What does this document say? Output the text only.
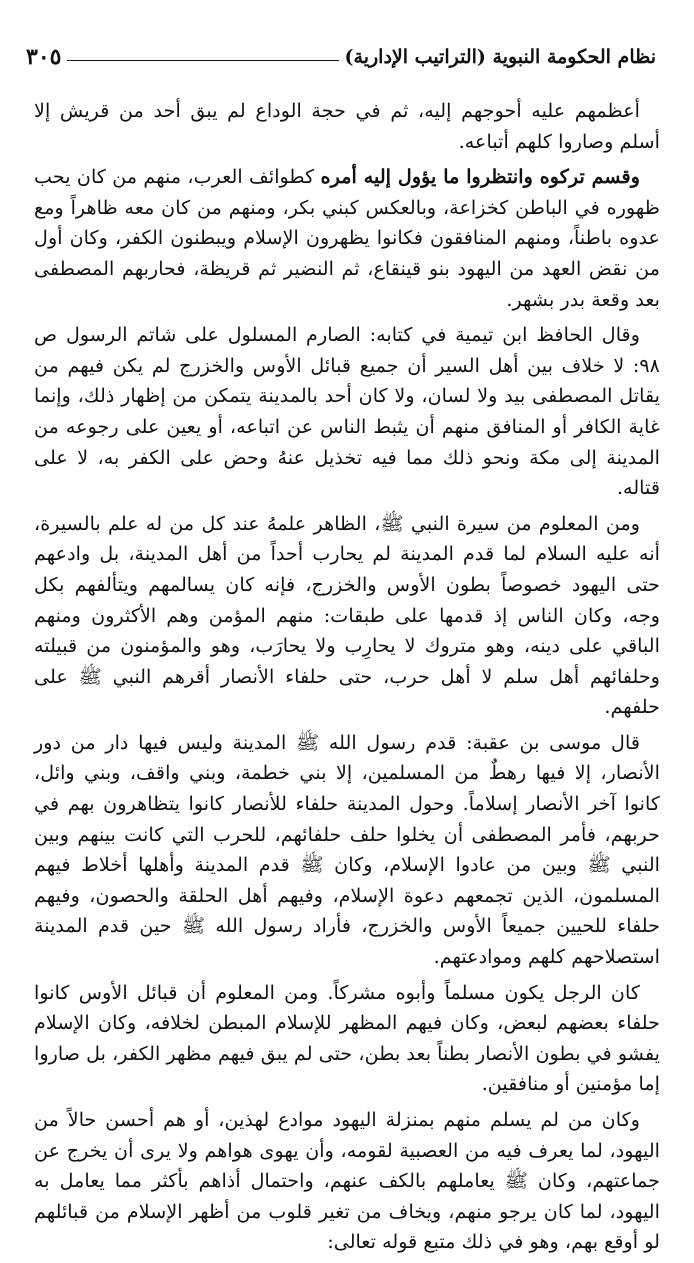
نظام الحكومة النبوية (التراتيب الإدارية)
٣٠٥

أعظمهم عليه أحوجهم إليه، ثم في حجة الوداع لم يبق أحد من قريش إلا أسلم وصاروا كلهم أتباعه.

وقسم تركوه وانتظروا ما يؤول إليه أمره كطوائف العرب، منهم من كان يحب ظهوره في الباطن كخزاعة، وبالعكس كبني بكر، ومنهم من كان معه ظاهراً ومع عدوه باطناً، ومنهم المنافقون فكانوا يظهرون الإسلام ويبطنون الكفر، وكان أول من نقض العهد من اليهود بنو قينقاع، ثم النضير ثم قريظة، فحاربهم المصطفى بعد وقعة بدر بشهر.

وقال الحافظ ابن تيمية في كتابه: الصارم المسلول على شاتم الرسول ص ٩٨: لا خلاف بين أهل السير أن جميع قبائل الأوس والخزرج لم يكن فيهم من يقاتل المصطفى بيد ولا لسان، ولا كان أحد بالمدينة يتمكن من إظهار ذلك، وإنما غاية الكافر أو المنافق منهم أن يثبط الناس عن اتباعه، أو يعين على رجوعه من المدينة إلى مكة ونحو ذلك مما فيه تخذيل عنهُ وحض على الكفر به، لا على قتاله.

ومن المعلوم من سيرة النبي ﷺ، الظاهر علمهُ عند كل من له علم بالسيرة، أنه عليه السلام لما قدم المدينة لم يحارب أحداً من أهل المدينة، بل وادعهم حتى اليهود خصوصاً بطون الأوس والخزرج، فإنه كان يسالمهم ويتألفهم بكل وجه، وكان الناس إذ قدمها على طبقات: منهم المؤمن وهم الأكثرون ومنهم الباقي على دينه، وهو متروك لا يحارِب ولا يحارَب، وهو والمؤمنون من قبيلته وحلفائهم أهل سلم لا أهل حرب، حتى حلفاء الأنصار أقرهم النبي ﷺ على حلفهم.

قال موسى بن عقبة: قدم رسول الله ﷺ المدينة وليس فيها دار من دور الأنصار، إلا فيها رهطٌ من المسلمين، إلا بني خطمة، وبني واقف، وبني وائل، كانوا آخر الأنصار إسلاماً. وحول المدينة حلفاء للأنصار كانوا يتظاهرون بهم في حربهم، فأمر المصطفى أن يخلوا حلف حلفائهم، للحرب التي كانت بينهم وبين النبي ﷺ وبين من عادوا الإسلام، وكان ﷺ قدم المدينة وأهلها أخلاط فيهم المسلمون، الذين تجمعهم دعوة الإسلام، وفيهم أهل الحلقة والحصون، وفيهم حلفاء للحيين جميعاً الأوس والخزرج، فأراد رسول الله ﷺ حين قدم المدينة استصلاحهم كلهم وموادعتهم.

كان الرجل يكون مسلماً وأبوه مشركاً. ومن المعلوم أن قبائل الأوس كانوا حلفاء بعضهم لبعض، وكان فيهم المظهر للإسلام المبطن لخلافه، وكان الإسلام يفشو في بطون الأنصار بطناً بعد بطن، حتى لم يبق فيهم مظهر الكفر، بل صاروا إما مؤمنين أو منافقين.

وكان من لم يسلم منهم بمنزلة اليهود موادع لهذين، أو هم أحسن حالاً من اليهود، لما يعرف فيه من العصبية لقومه، وأن يهوى هواهم ولا يرى أن يخرج عن جماعتهم، وكان ﷺ يعاملهم بالكف عنهم، واحتمال أذاهم بأكثر مما يعامل به اليهود، لما كان يرجو منهم، ويخاف من تغير قلوب من أظهر الإسلام من قبائلهم لو أوقع بهم، وهو في ذلك متبع قوله تعالى:
